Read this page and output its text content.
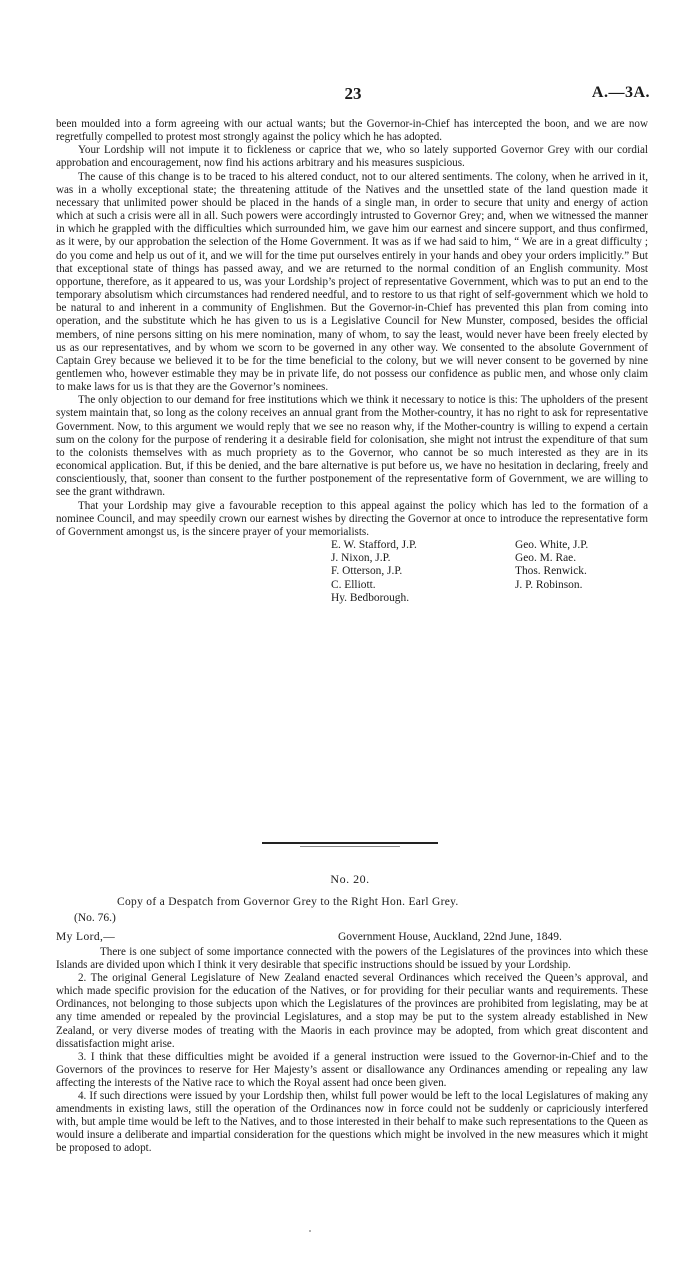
23	A.—3A.

been moulded into a form agreeing with our actual wants; but the Governor-in-Chief has intercepted the boon, and we are now regretfully compelled to protest most strongly against the policy which he has adopted.

Your Lordship will not impute it to fickleness or caprice that we, who so lately supported Governor Grey with our cordial approbation and encouragement, now find his actions arbitrary and his measures suspicious.

The cause of this change is to be traced to his altered conduct, not to our altered sentiments. The colony, when he arrived in it, was in a wholly exceptional state; the threatening attitude of the Natives and the unsettled state of the land question made it necessary that unlimited power should be placed in the hands of a single man, in order to secure that unity and energy of action which at such a crisis were all in all. Such powers were accordingly intrusted to Governor Grey; and, when we witnessed the manner in which he grappled with the difficulties which surrounded him, we gave him our earnest and sincere support, and thus confirmed, as it were, by our approbation the selection of the Home Government. It was as if we had said to him, “ We are in a great difficulty ; do you come and help us out of it, and we will for the time put ourselves entirely in your hands and obey your orders implicitly.” But that exceptional state of things has passed away, and we are returned to the normal condition of an English community. Most opportune, therefore, as it appeared to us, was your Lordship’s project of representative Government, which was to put an end to the temporary absolutism which circumstances had rendered needful, and to restore to us that right of self-government which we hold to be natural to and inherent in a community of Englishmen. But the Governor-in-Chief has prevented this plan from coming into operation, and the substitute which he has given to us is a Legislative Council for New Munster, composed, besides the official members, of nine persons sitting on his mere nomination, many of whom, to say the least, would never have been freely elected by us as our representatives, and by whom we scorn to be governed in any other way. We consented to the absolute Government of Captain Grey because we believed it to be for the time beneficial to the colony, but we will never consent to be governed by nine gentlemen who, however estimable they may be in private life, do not possess our confidence as public men, and whose only claim to make laws for us is that they are the Governor’s nominees.

The only objection to our demand for free institutions which we think it necessary to notice is this: The upholders of the present system maintain that, so long as the colony receives an annual grant from the Mother-country, it has no right to ask for representative Government. Now, to this argument we would reply that we see no reason why, if the Mother-country is willing to expend a certain sum on the colony for the purpose of rendering it a desirable field for colonisation, she might not intrust the expenditure of that sum to the colonists themselves with as much propriety as to the Governor, who cannot be so much interested as they are in its economical application. But, if this be denied, and the bare alternative is put before us, we have no hesitation in declaring, freely and conscientiously, that, sooner than consent to the further postponement of the representative form of Government, we are willing to see the grant withdrawn.

That your Lordship may give a favourable reception to this appeal against the policy which has led to the formation of a nominee Council, and may speedily crown our earnest wishes by directing the Governor at once to introduce the representative form of Government amongst us, is the sincere prayer of your memorialists.

E. W. Stafford, J.P.
J. Nixon, J.P.
F. Otterson, J.P.
C. Elliott.
Hy. Bedborough.
Geo. White, J.P.
Geo. M. Rae.
Thos. Renwick.
J. P. Robinson.
No. 20.
Copy of a Despatch from Governor Grey to the Right Hon. Earl Grey.
(No. 76.)
My Lord,—	Government House, Auckland, 22nd June, 1849.

There is one subject of some importance connected with the powers of the Legislatures of the provinces into which these Islands are divided upon which I think it very desirable that specific instructions should be issued by your Lordship.

2. The original General Legislature of New Zealand enacted several Ordinances which received the Queen’s approval, and which made specific provision for the education of the Natives, or for providing for their peculiar wants and requirements. These Ordinances, not belonging to those subjects upon which the Legislatures of the provinces are prohibited from legislating, may be at any time amended or repealed by the provincial Legislatures, and a stop may be put to the system already established in New Zealand, or very diverse modes of treating with the Maoris in each province may be adopted, from which great discontent and dissatisfaction might arise.

3. I think that these difficulties might be avoided if a general instruction were issued to the Governor-in-Chief and to the Governors of the provinces to reserve for Her Majesty’s assent or disallowance any Ordinances amending or repealing any law affecting the interests of the Native race to which the Royal assent had once been given.

4. If such directions were issued by your Lordship then, whilst full power would be left to the local Legislatures of making any amendments in existing laws, still the operation of the Ordinances now in force could not be suddenly or capriciously interfered with, but ample time would be left to the Natives, and to those interested in their behalf to make such representations to the Queen as would insure a deliberate and impartial consideration for the questions which might be involved in the new measures which it might be proposed to adopt.
